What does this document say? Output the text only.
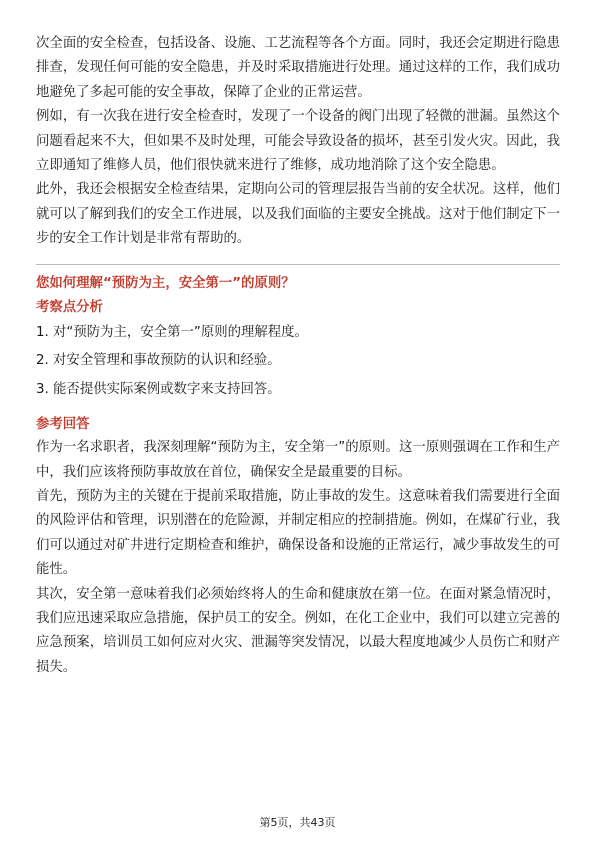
次全面的安全检查，包括设备、设施、工艺流程等各个方面。同时，我还会定期进行隐患排查，发现任何可能的安全隐患，并及时采取措施进行处理。通过这样的工作，我们成功地避免了多起可能的安全事故，保障了企业的正常运营。

例如，有一次我在进行安全检查时，发现了一个设备的阀门出现了轻微的泄漏。虽然这个问题看起来不大，但如果不及时处理，可能会导致设备的损坏，甚至引发火灾。因此，我立即通知了维修人员，他们很快就来进行了维修，成功地消除了这个安全隐患。

此外，我还会根据安全检查结果，定期向公司的管理层报告当前的安全状况。这样，他们就可以了解到我们的安全工作进展，以及我们面临的主要安全挑战。这对于他们制定下一步的安全工作计划是非常有帮助的。

您如何理解“预防为主，安全第一”的原则？

考察点分析

1. 对“预防为主，安全第一”原则的理解程度。
2. 对安全管理和事故预防的认识和经验。
3. 能否提供实际案例或数字来支持回答。

参考回答

作为一名求职者，我深刻理解“预防为主，安全第一”的原则。这一原则强调在工作和生产中，我们应该将预防事故放在首位，确保安全是最重要的目标。

首先，预防为主的关键在于提前采取措施，防止事故的发生。这意味着我们需要进行全面的风险评估和管理，识别潜在的危险源，并制定相应的控制措施。例如，在煤矿行业，我们可以通过对矿井进行定期检查和维护，确保设备和设施的正常运行，减少事故发生的可能性。

其次，安全第一意味着我们必须始终将人的生命和健康放在第一位。在面对紧急情况时，我们应迅速采取应急措施，保护员工的安全。例如，在化工企业中，我们可以建立完善的应急预案，培训员工如何应对火灾、泄漏等突发情况，以最大程度地减少人员伤亡和财产损失。

第5页，共43页
